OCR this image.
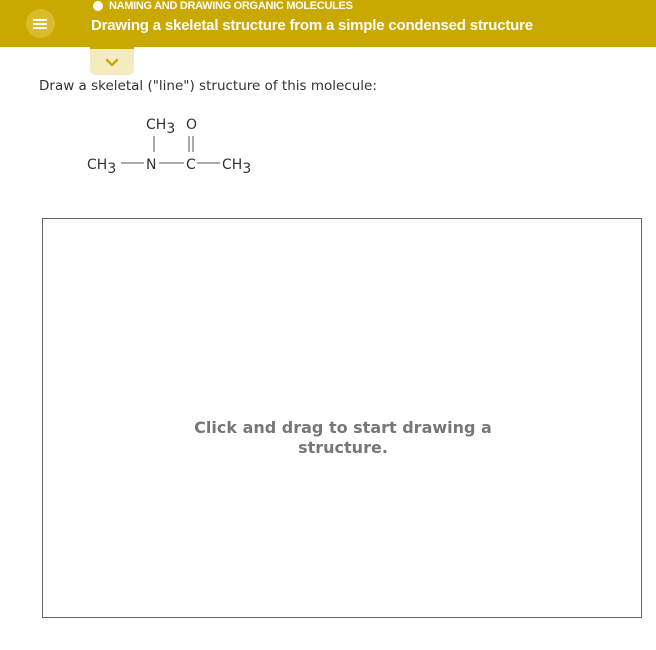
NAMING AND DRAWING ORGANIC MOLECULES
Drawing a skeletal structure from a simple condensed structure
Draw a skeletal ("line") structure of this molecule:
CH3 O
CH3 N C CH3
Click and drag to start drawing a
structure.
